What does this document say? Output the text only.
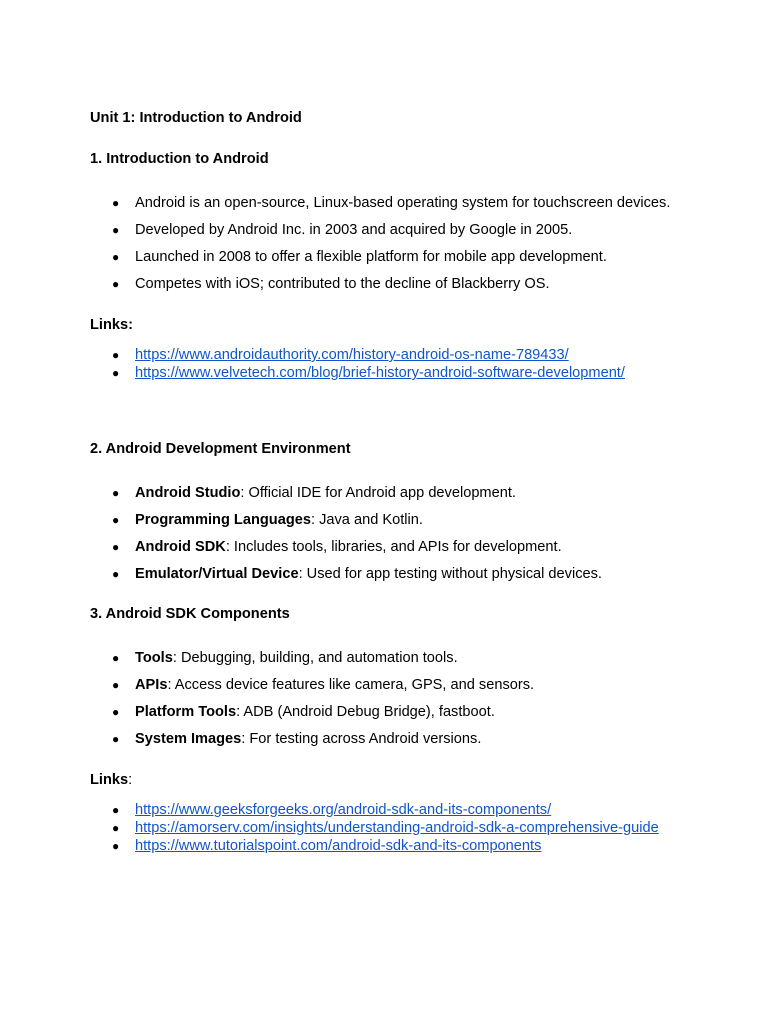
Unit 1: Introduction to Android

1. Introduction to Android

● Android is an open-source, Linux-based operating system for touchscreen devices.
● Developed by Android Inc. in 2003 and acquired by Google in 2005.
● Launched in 2008 to offer a flexible platform for mobile app development.
● Competes with iOS; contributed to the decline of Blackberry OS.

Links:

● https://www.androidauthority.com/history-android-os-name-789433/
● https://www.velvetech.com/blog/brief-history-android-software-development/

2. Android Development Environment

● Android Studio: Official IDE for Android app development.
● Programming Languages: Java and Kotlin.
● Android SDK: Includes tools, libraries, and APIs for development.
● Emulator/Virtual Device: Used for app testing without physical devices.

3. Android SDK Components

● Tools: Debugging, building, and automation tools.
● APIs: Access device features like camera, GPS, and sensors.
● Platform Tools: ADB (Android Debug Bridge), fastboot.
● System Images: For testing across Android versions.

Links:

● https://www.geeksforgeeks.org/android-sdk-and-its-components/
● https://amorserv.com/insights/understanding-android-sdk-a-comprehensive-guide
● https://www.tutorialspoint.com/android-sdk-and-its-components
